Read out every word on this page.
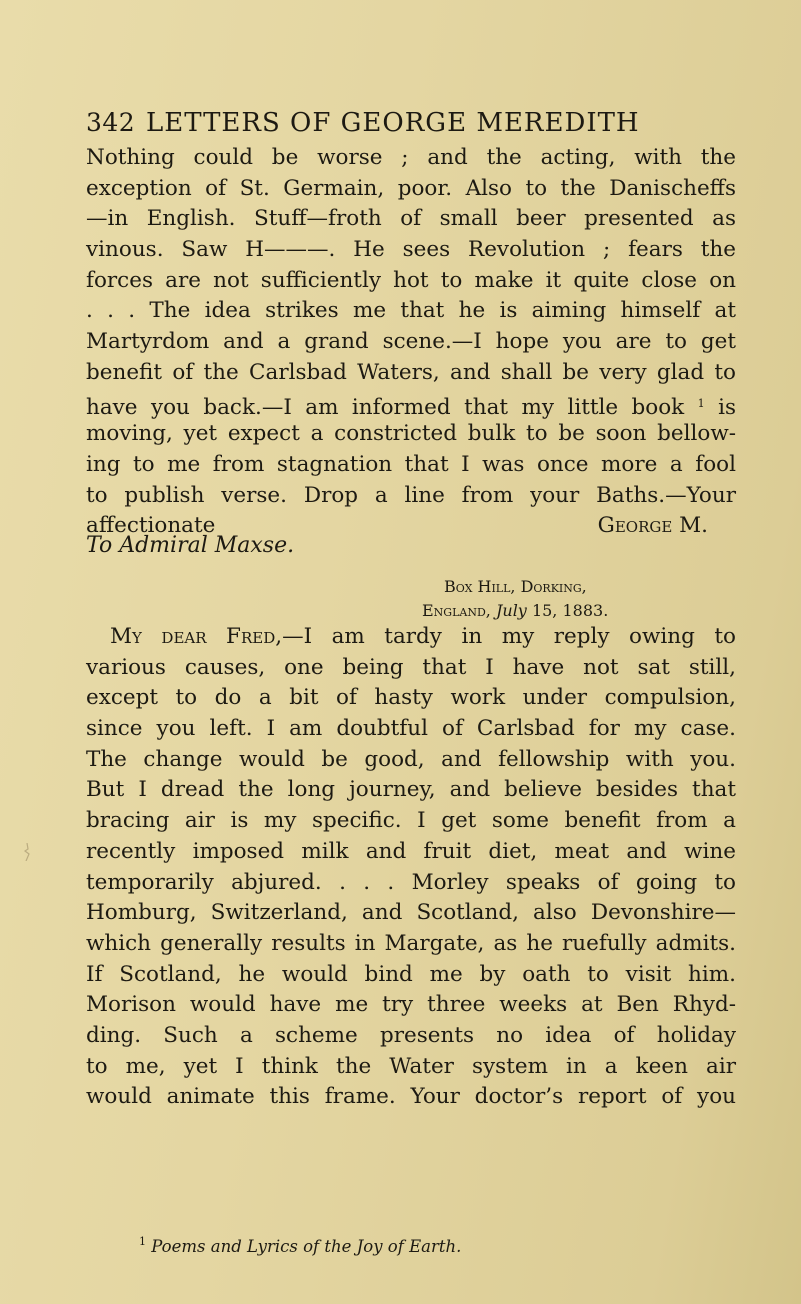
342 LETTERS OF GEORGE MEREDITH
Nothing could be worse ; and the acting, with the
exception of St. Germain, poor. Also to the Danischeffs
—in English. Stuff—froth of small beer presented as
vinous. Saw H———. He sees Revolution ; fears the
forces are not sufficiently hot to make it quite close on
. . . The idea strikes me that he is aiming himself at
Martyrdom and a grand scene.—I hope you are to get
benefit of the Carlsbad Waters, and shall be very glad to
have you back.—I am informed that my little book $^1$ is
moving, yet expect a constricted bulk to be soon bellow-
ing to me from stagnation that I was once more a fool
to publish verse. Drop a line from your Baths.—Your
affectionate	George M.
To Admiral Maxse.
Box Hill, Dorking,
England, July 15, 1883.
My dear Fred,—I am tardy in my reply owing to
various causes, one being that I have not sat still,
except to do a bit of hasty work under compulsion,
since you left. I am doubtful of Carlsbad for my case.
The change would be good, and fellowship with you.
But I dread the long journey, and believe besides that
bracing air is my specific. I get some benefit from a
recently imposed milk and fruit diet, meat and wine
temporarily abjured. . . . Morley speaks of going to
Homburg, Switzerland, and Scotland, also Devonshire—
which generally results in Margate, as he ruefully admits.
If Scotland, he would bind me by oath to visit him.
Morison would have me try three weeks at Ben Rhyd-
ding. Such a scheme presents no idea of holiday
to me, yet I think the Water system in a keen air
would animate this frame. Your doctor’s report of you
$^1$ Poems and Lyrics of the Joy of Earth.
